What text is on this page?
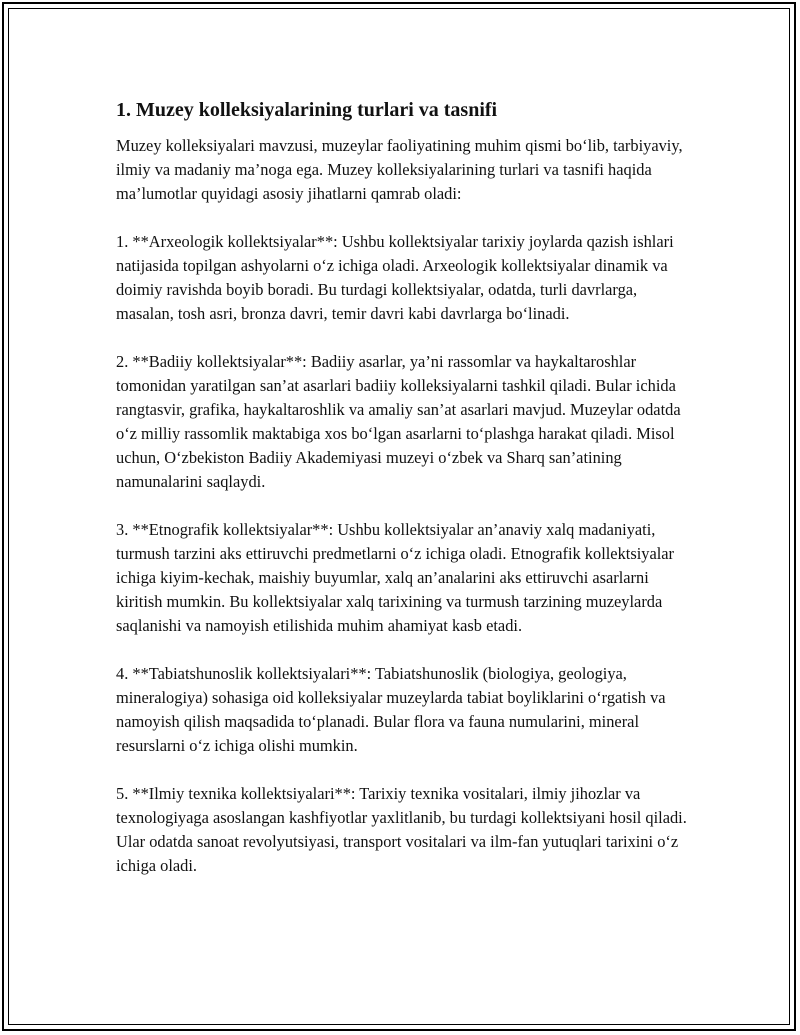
1. Muzey kolleksiyalarining turlari va tasnifi

Muzey kolleksiyalari mavzusi, muzeylar faoliyatining muhim qismi bo‘lib, tarbiyaviy, ilmiy va madaniy ma’noga ega. Muzey kolleksiyalarining turlari va tasnifi haqida ma’lumotlar quyidagi asosiy jihatlarni qamrab oladi:

1. **Arxeologik kollektsiyalar**: Ushbu kollektsiyalar tarixiy joylarda qazish ishlari natijasida topilgan ashyolarni o‘z ichiga oladi. Arxeologik kollektsiyalar dinamik va doimiy ravishda boyib boradi. Bu turdagi kollektsiyalar, odatda, turli davrlarga, masalan, tosh asri, bronza davri, temir davri kabi davrlarga bo‘linadi.

2. **Badiiy kollektsiyalar**: Badiiy asarlar, ya’ni rassomlar va haykaltaroshlar tomonidan yaratilgan san’at asarlari badiiy kolleksiyalarni tashkil qiladi. Bular ichida rangtasvir, grafika, haykaltaroshlik va amaliy san’at asarlari mavjud. Muzeylar odatda o‘z milliy rassomlik maktabiga xos bo‘lgan asarlarni to‘plashga harakat qiladi. Misol uchun, O‘zbekiston Badiiy Akademiyasi muzeyi o‘zbek va Sharq san’atining namunalarini saqlaydi.

3. **Etnografik kollektsiyalar**: Ushbu kollektsiyalar an’anaviy xalq madaniyati, turmush tarzini aks ettiruvchi predmetlarni o‘z ichiga oladi. Etnografik kollektsiyalar ichiga kiyim-kechak, maishiy buyumlar, xalq an’analarini aks ettiruvchi asarlarni kiritish mumkin. Bu kollektsiyalar xalq tarixining va turmush tarzining muzeylarda saqlanishi va namoyish etilishida muhim ahamiyat kasb etadi.

4. **Tabiatshunoslik kollektsiyalari**: Tabiatshunoslik (biologiya, geologiya, mineralogiya) sohasiga oid kolleksiyalar muzeylarda tabiat boyliklarini o‘rgatish va namoyish qilish maqsadida to‘planadi. Bular flora va fauna numularini, mineral resurslarni o‘z ichiga olishi mumkin.

5. **Ilmiy texnika kollektsiyalari**: Tarixiy texnika vositalari, ilmiy jihozlar va texnologiyaga asoslangan kashfiyotlar yaxlitlanib, bu turdagi kollektsiyani hosil qiladi. Ular odatda sanoat revolyutsiyasi, transport vositalari va ilm-fan yutuqlari tarixini o‘z ichiga oladi.
